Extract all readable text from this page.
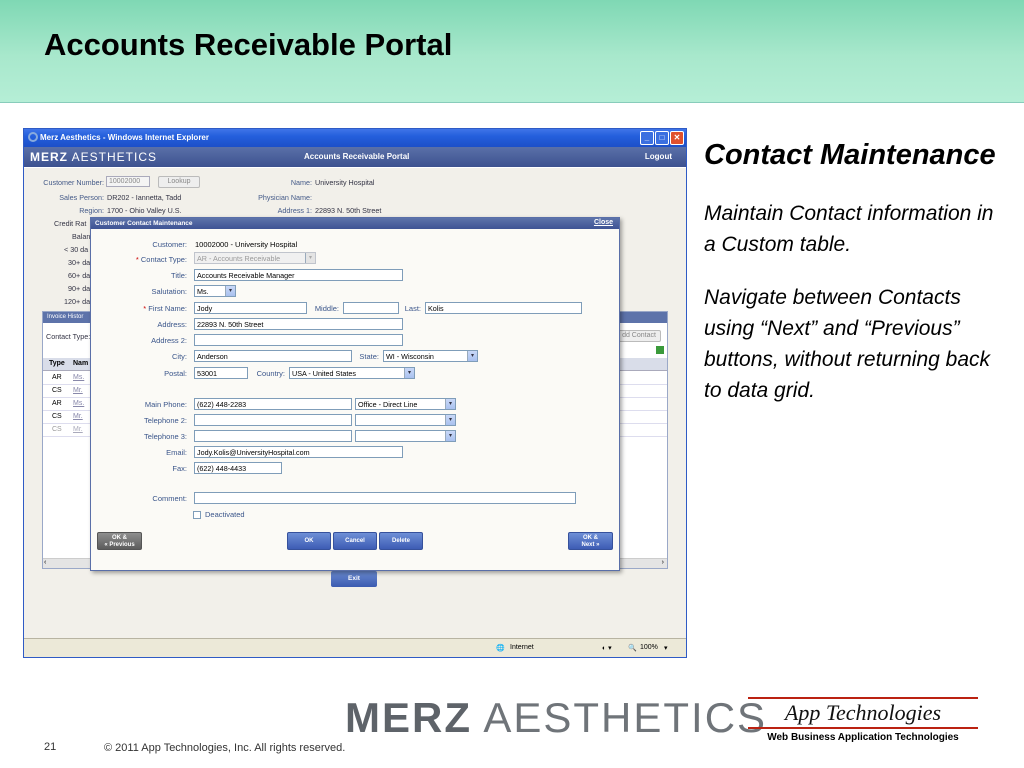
Accounts Receivable Portal
Merz Aesthetics - Windows Internet Explorer	_	□	✕
MERZ AESTHETICS	Accounts Receivable Portal	Logout
Customer Number: 10002000	Lookup	Name: University Hospital
Sales Person: DR202 - Iannetta, Tadd	Physician Name:
Region: 1700 - Ohio Valley U.S.	Address 1: 22893 N. 50th Street
Credit Rat
Balan
< 30 da
30+ da
60+ da
90+ da
120+ da
Invoice Histor
Contact Type:	dd Contact
Type Nam
AR Ms.
CS Mr.
AR Ms.
CS Mr.
CS Mr.
‹	›
Exit
🌐 Internet	◐ ▾ 🔍 100% ▾
Customer Contact Maintenance	Close
Customer: 10002000 - University Hospital
* Contact Type:	AR - Accounts Receivable	▾
Title:	Accounts Receivable Manager
Salutation:	Ms.	▾
* First Name:	Jody	Middle:	Last: Kolis
Address:	22893 N. 50th Street
Address 2:
City:	Anderson	State: WI - Wisconsin	▾
Postal:	53001	Country: USA - United States	▾
Main Phone:	(622) 448-2283	Office - Direct Line	▾
Telephone 2:	▾
Telephone 3:	▾
Email:	Jody.Kolis@UniversityHospital.com
Fax:	(622) 448-4433
Comment:
Deactivated
OK &
« Previous
OK	Cancel	Delete	OK &
Next »
Contact Maintenance
Maintain Contact information in a Custom table.
Navigate between Contacts using “Next” and “Previous” buttons, without returning back to data grid.
MERZ AESTHETICS App Technologies
Web Business Application Technologies
21	© 2011 App Technologies, Inc. All rights reserved.
